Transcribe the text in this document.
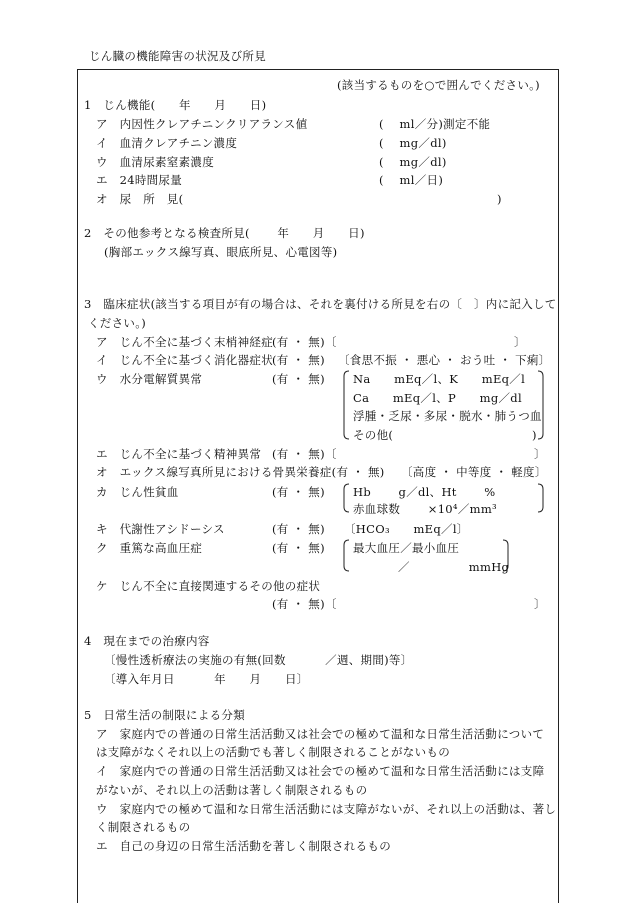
じん臓の機能障害の状況及び所見
(該当するものを○で囲んでください。)
1　じん機能(　　年　　月　　日)
ア　内因性クレアチニンクリアランス値	(　 ml／分)測定不能
イ　血清クレアチニン濃度	(　 mg／dl)
ウ　血清尿素窒素濃度	(　 mg／dl)
エ　24時間尿量	(　 ml／日)
オ　尿　所　見(	)
2　その他参考となる検査所見(　　 年　　月　　日)
(胸部エックス線写真、眼底所見、心電図等)
3　臨床症状(該当する項目が有の場合は、それを裏付ける所見を右の〔　〕内に記入して
ください。)
ア　じん不全に基づく末梢神経症 (有 ・ 無)〔	〕
イ　じん不全に基づく消化器症状 (有 ・ 無) 〔食思不振 ・ 悪心 ・ おう吐 ・ 下痢〕
ウ　水分電解質異常	(有 ・ 無) Na　　mEq／l、K　　mEq／l
Ca　　mEq／l、P　　mg／dl
浮腫・乏尿・多尿・脱水・肺うつ血
その他(	)
エ　じん不全に基づく精神異常 (有 ・ 無)〔	〕
オ　エックス線写真所見における骨異栄養症(有 ・ 無) 〔高度 ・ 中等度 ・ 軽度〕
カ　じん性貧血	(有 ・ 無) Hb　　 g／dl、Ht　　 %
赤血球数　　 ×10⁴／mm³
キ　代謝性アシドーシス	(有 ・ 無) 〔HCO₃　　mEq／l〕
ク　重篤な高血圧症	(有 ・ 無) 最大血圧／最小血圧
／　　　　　mmHg
ケ　じん不全に直接関連するその他の症状
(有 ・ 無)〔	〕
4　現在までの治療内容
〔慢性透析療法の実施の有無(回数　　　 ／週、期間)等〕
〔導入年月日　　　 年　　月　　日〕
5　日常生活の制限による分類
ア　家庭内での普通の日常生活活動又は社会での極めて温和な日常生活活動について
は支障がなくそれ以上の活動でも著しく制限されることがないもの
イ　家庭内での普通の日常生活活動又は社会での極めて温和な日常生活活動には支障
がないが、それ以上の活動は著しく制限されるもの
ウ　家庭内での極めて温和な日常生活活動には支障がないが、それ以上の活動は、著し
く制限されるもの
エ　自己の身辺の日常生活活動を著しく制限されるもの
